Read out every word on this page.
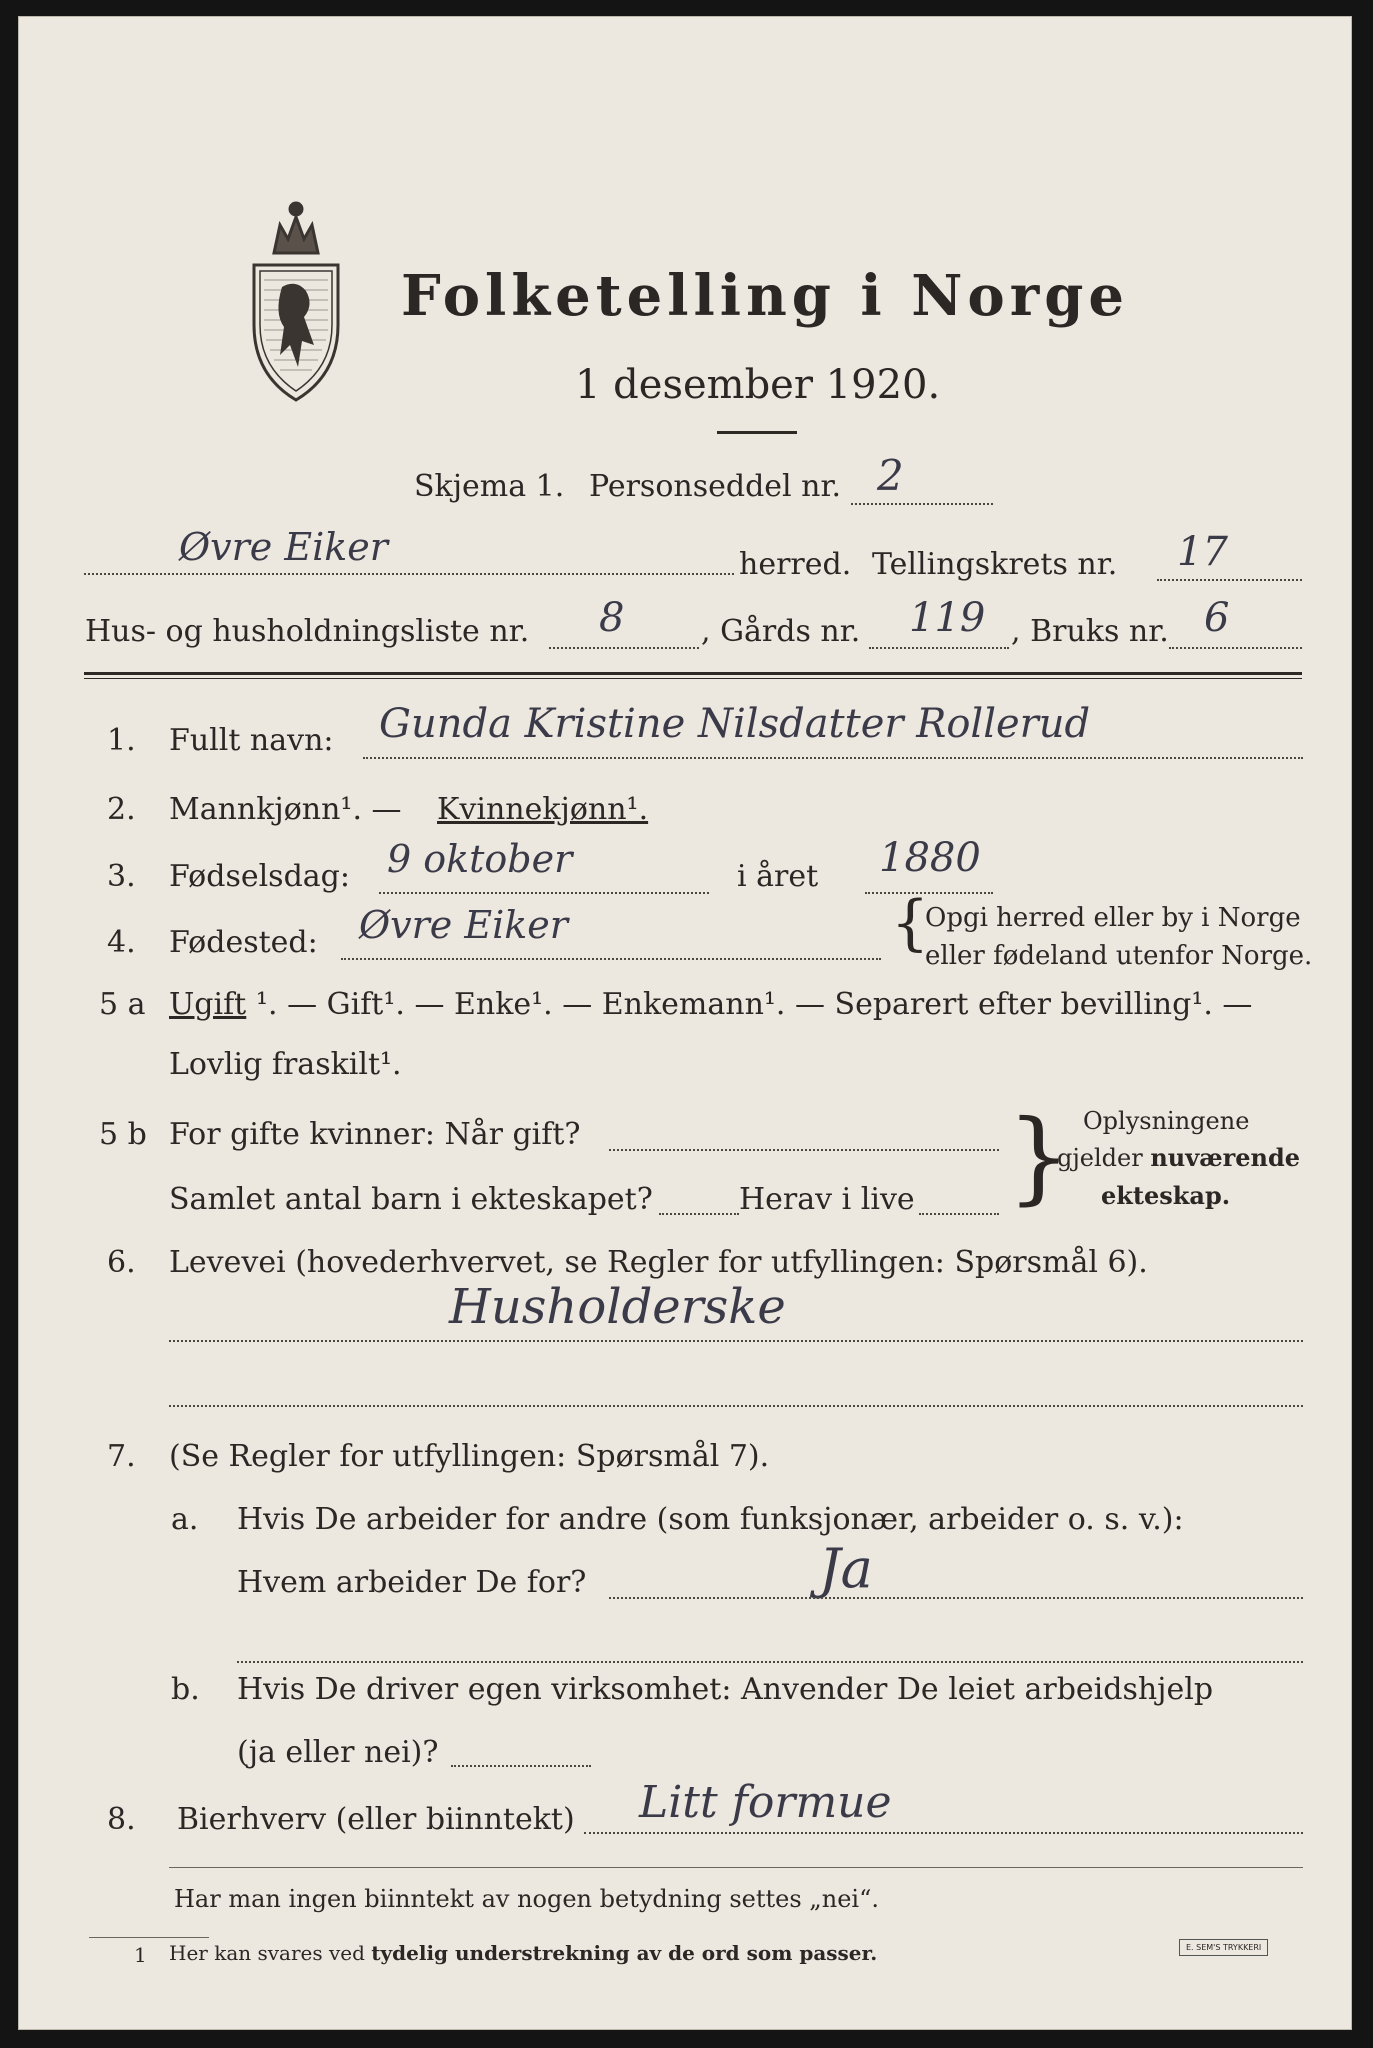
Folketelling i Norge
1 desember 1920.
Skjema 1. Personseddel nr. 2
Øvre Eiker	herred. Tellingskrets nr. 17
Hus- og husholdningsliste nr. 8	, Gårds nr. 119 , Bruks nr. 6
1. Fullt navn: Gunda Kristine Nilsdatter Rollerud
2. Mannkjønn¹. — Kvinnekjønn¹.
3. Fødselsdag: 9 oktober	i året 1880
4. Fødested: Øvre Eiker	{
Opgi herred eller by i Norge
eller fødeland utenfor Norge.
5 a Ugift ¹. — Gift¹. — Enke¹. — Enkemann¹. — Separert efter bevilling¹. —
Lovlig fraskilt¹.
5 b For gifte kvinner: Når gift?
Samlet antal barn i ekteskapet?	Herav i live } Oplysningene
gjelder nuværende
ekteskap.
6. Levevei (hovederhvervet, se Regler for utfyllingen: Spørsmål 6).
Husholderske
7. (Se Regler for utfyllingen: Spørsmål 7).
a. Hvis De arbeider for andre (som funksjonær, arbeider o. s. v.):
Hvem arbeider De for?	Ja
b. Hvis De driver egen virksomhet: Anvender De leiet arbeidshjelp
(ja eller nei)?
8. Bierhverv (eller biinntekt) Litt formue
Har man ingen biinntekt av nogen betydning settes „nei“.
1 Her kan svares ved tydelig understrekning av de ord som passer.	E. SEM'S TRYKKERI
